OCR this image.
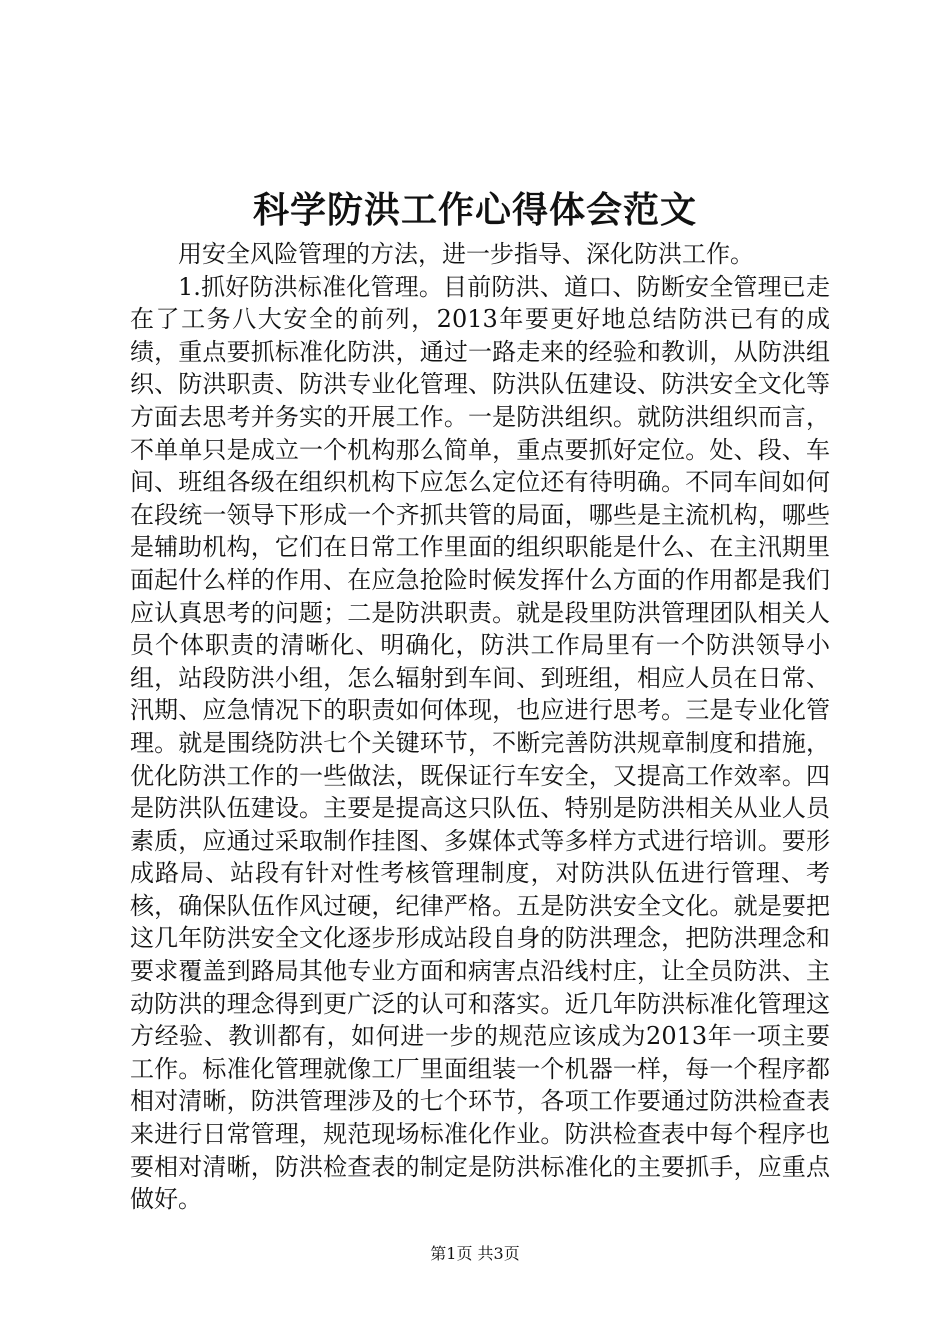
科学防洪工作心得体会范文

用安全风险管理的方法，进一步指导、深化防洪工作。

1.抓好防洪标准化管理。目前防洪、道口、防断安全管理已走在了工务八大安全的前列，2013年要更好地总结防洪已有的成绩，重点要抓标准化防洪，通过一路走来的经验和教训，从防洪组织、防洪职责、防洪专业化管理、防洪队伍建设、防洪安全文化等方面去思考并务实的开展工作。一是防洪组织。就防洪组织而言，不单单只是成立一个机构那么简单，重点要抓好定位。处、段、车间、班组各级在组织机构下应怎么定位还有待明确。不同车间如何在段统一领导下形成一个齐抓共管的局面，哪些是主流机构，哪些是辅助机构，它们在日常工作里面的组织职能是什么、在主汛期里面起什么样的作用、在应急抢险时候发挥什么方面的作用都是我们应认真思考的问题；二是防洪职责。就是段里防洪管理团队相关人员个体职责的清晰化、明确化，防洪工作局里有一个防洪领导小组，站段防洪小组，怎么辐射到车间、到班组，相应人员在日常、汛期、应急情况下的职责如何体现，也应进行思考。三是专业化管理。就是围绕防洪七个关键环节，不断完善防洪规章制度和措施，优化防洪工作的一些做法，既保证行车安全，又提高工作效率。四是防洪队伍建设。主要是提高这只队伍、特别是防洪相关从业人员素质，应通过采取制作挂图、多媒体式等多样方式进行培训。要形成路局、站段有针对性考核管理制度，对防洪队伍进行管理、考核，确保队伍作风过硬，纪律严格。五是防洪安全文化。就是要把这几年防洪安全文化逐步形成站段自身的防洪理念，把防洪理念和要求覆盖到路局其他专业方面和病害点沿线村庄，让全员防洪、主动防洪的理念得到更广泛的认可和落实。近几年防洪标准化管理这方经验、教训都有，如何进一步的规范应该成为2013年一项主要工作。标准化管理就像工厂里面组装一个机器一样，每一个程序都相对清晰，防洪管理涉及的七个环节，各项工作要通过防洪检查表来进行日常管理，规范现场标准化作业。防洪检查表中每个程序也要相对清晰，防洪检查表的制定是防洪标准化的主要抓手，应重点做好。

第1页 共3页
